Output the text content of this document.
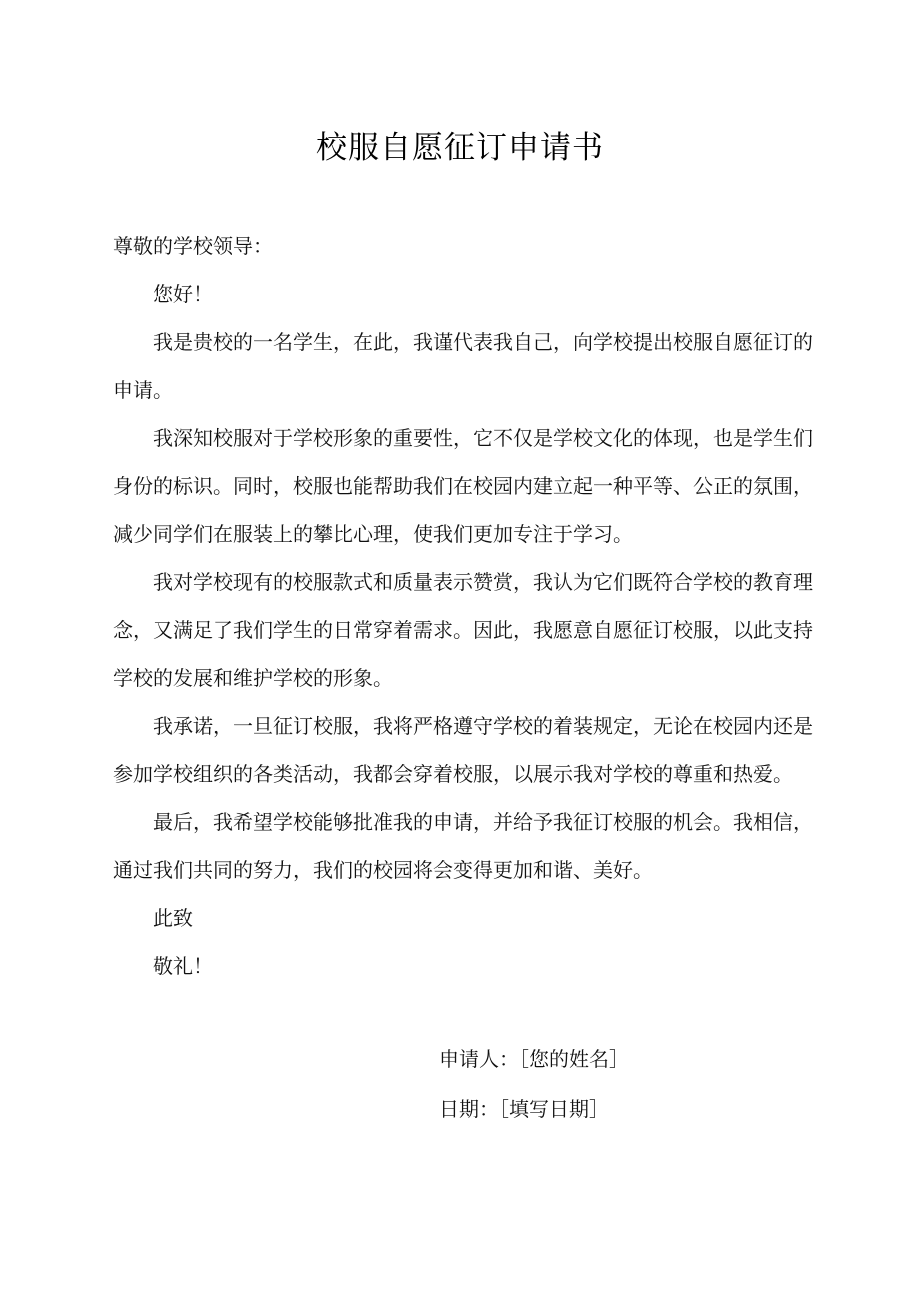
校服自愿征订申请书

尊敬的学校领导：

您好！

我是贵校的一名学生，在此，我谨代表我自己，向学校提出校服自愿征订的申请。

我深知校服对于学校形象的重要性，它不仅是学校文化的体现，也是学生们身份的标识。同时，校服也能帮助我们在校园内建立起一种平等、公正的氛围，减少同学们在服装上的攀比心理，使我们更加专注于学习。

我对学校现有的校服款式和质量表示赞赏，我认为它们既符合学校的教育理念，又满足了我们学生的日常穿着需求。因此，我愿意自愿征订校服，以此支持学校的发展和维护学校的形象。

我承诺，一旦征订校服，我将严格遵守学校的着装规定，无论在校园内还是参加学校组织的各类活动，我都会穿着校服，以展示我对学校的尊重和热爱。

最后，我希望学校能够批准我的申请，并给予我征订校服的机会。我相信，通过我们共同的努力，我们的校园将会变得更加和谐、美好。

此致

敬礼！

申请人：［您的姓名］
日期：［填写日期］
